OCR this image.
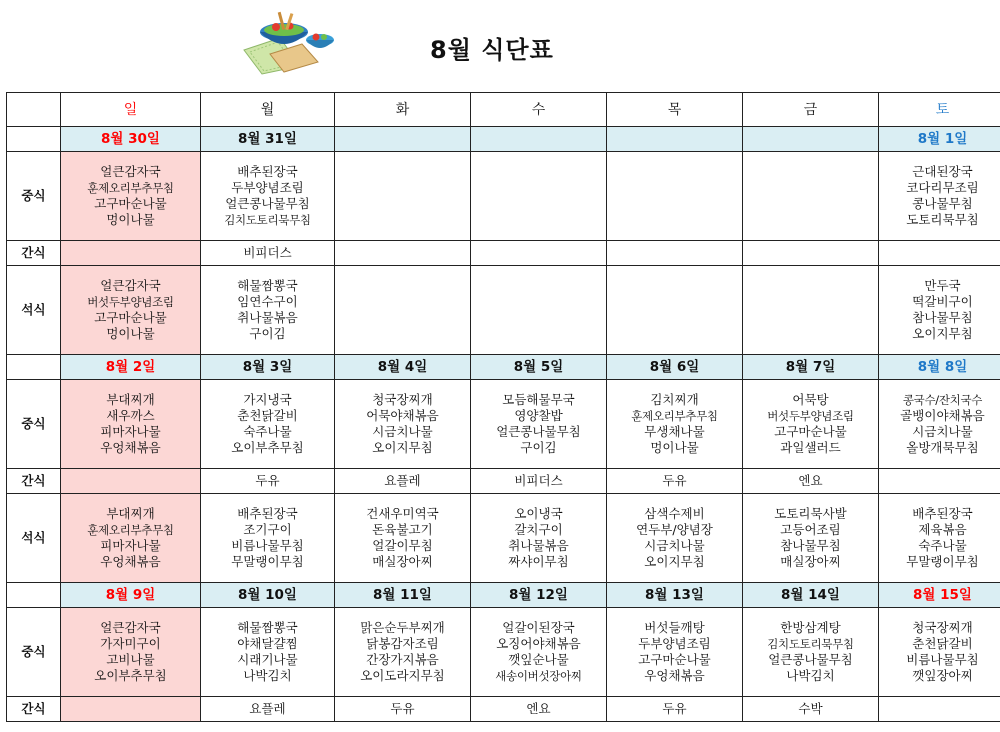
8월 식단표
	일	월	화	수	목	금	토
	8월 30일	8월 31일					8월 1일
중식	얼큰감자국
훈제오리부추무침
고구마순나물
멍이나물	배추된장국
두부양념조림
얼큰콩나물무침
김치도토리묵무침					근대된장국
코다리무조림
콩나물무침
도토리묵무침

간식		비피더스					

석식	얼큰감자국
버섯두부양념조림
고구마순나물
멍이나물	해물짬뽕국
임연수구이
취나물볶음
구이김					만두국
떡갈비구이
참나물무침
오이지무침

	8월 2일	8월 3일	8월 4일	8월 5일	8월 6일	8월 7일	8월 8일
중식	부대찌개
새우까스
피마자나물
우엉채볶음	가지냉국
춘천닭갈비
숙주나물
오이부추무침	청국장찌개
어묵야채볶음
시금치나물
오이지무침	모듬해물무국
영양찰밥
얼큰콩나물무침
구이김	김치찌개
훈제오리부추무침
무생채나물
멍이나물	어묵탕
버섯두부양념조림
고구마순나물
과일샐러드	콩국수/잔치국수
골뱅이야채볶음
시금치나물
올방개묵무침

간식		두유	요플레	비피더스	두유	엔요	

석식	부대찌개
훈제오리부추무침
피마자나물
우엉채볶음	배추된장국
조기구이
비름나물무침
무말랭이무침	건새우미역국
돈육불고기
얼갈이무침
매실장아찌	오이냉국
갈치구이
취나물볶음
짜샤이무침	삼색수제비
연두부/양념장
시금치나물
오이지무침	도토리묵사발
고등어조림
참나물무침
매실장아찌	배추된장국
제육볶음
숙주나물
무말랭이무침

	8월 9일	8월 10일	8월 11일	8월 12일	8월 13일	8월 14일	8월 15일
중식	얼큰감자국
가자미구이
고비나물
오이부추무침	해물짬뽕국
야채달걀찜
시래기나물
나박김치	맑은순두부찌개
닭봉감자조림
간장가지볶음
오이도라지무침	얼갈이된장국
오징어야채볶음
깻잎순나물
새송이버섯장아찌	버섯들깨탕
두부양념조림
고구마순나물
우엉채볶음	한방삼계탕
김치도토리묵무침
얼큰콩나물무침
나박김치	청국장찌개
춘천닭갈비
비름나물무침
깻잎장아찌

간식		요플레	두유	엔요	두유	수박	
